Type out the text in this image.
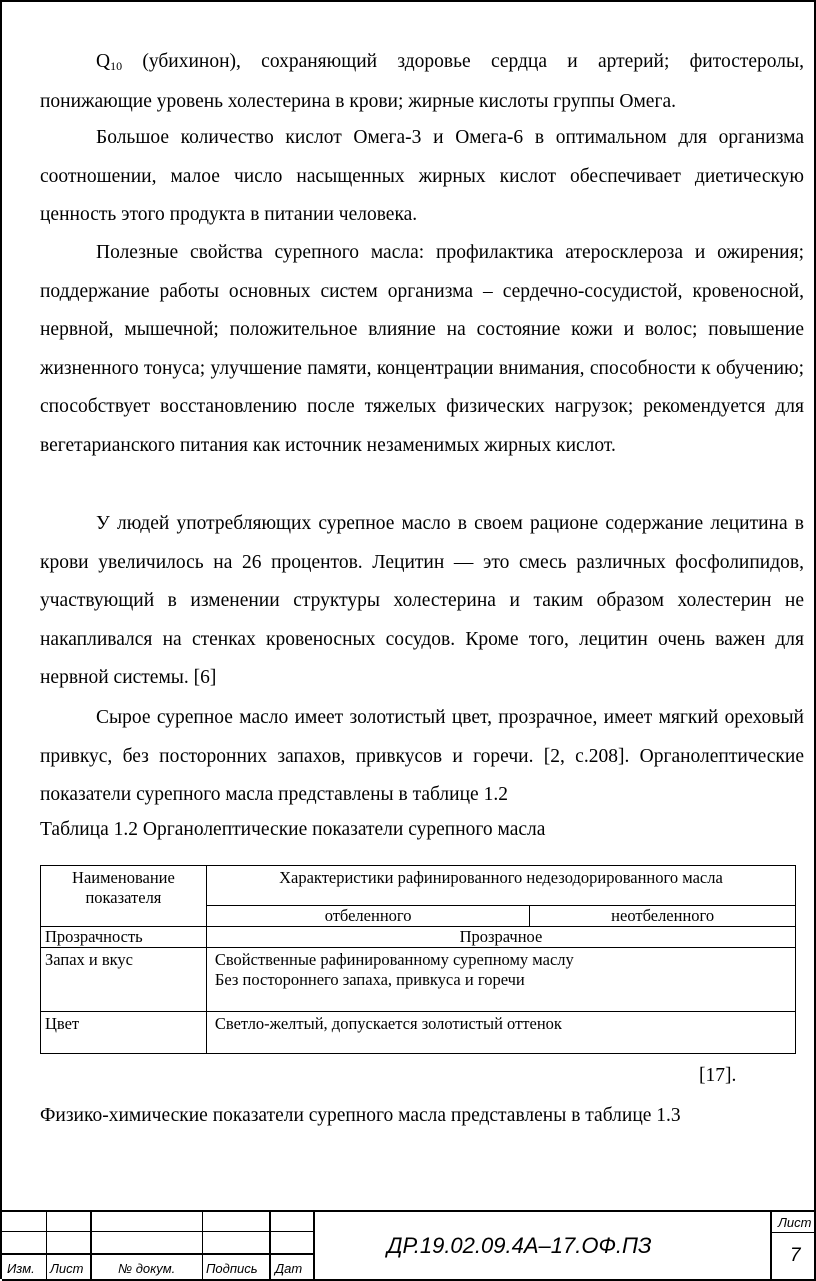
$Q_{10}$ (убихинон), сохраняющий здоровье сердца и артерий; фитостеролы, понижающие уровень холестерина в крови; жирные кислоты группы Омега.

Большое количество кислот Омега-3 и Омега-6 в оптимальном для организма соотношении, малое число насыщенных жирных кислот обеспечивает диетическую ценность этого продукта в питании человека.

Полезные свойства сурепного масла: профилактика атеросклероза и ожирения; поддержание работы основных систем организма – сердечно-сосудистой, кровеносной, нервной, мышечной; положительное влияние на состояние кожи и волос; повышение жизненного тонуса; улучшение памяти, концентрации внимания, способности к обучению; способствует восстановлению после тяжелых физических нагрузок; рекомендуется для вегетарианского питания как источник незаменимых жирных кислот.

У людей употребляющих сурепное масло в своем рационе содержание лецитина в крови увеличилось на 26 процентов. Лецитин — это смесь различных фосфолипидов, участвующий в изменении структуры холестерина и таким образом холестерин не накапливался на стенках кровеносных сосудов. Кроме того, лецитин очень важен для нервной системы. [6]

Сырое сурепное масло имеет золотистый цвет, прозрачное, имеет мягкий ореховый привкус, без посторонних запахов, привкусов и горечи. [2, с.208]. Органолептические показатели сурепного масла представлены в таблице 1.2

Таблица 1.2 Органолептические показатели сурепного масла

Наименование показателя	Характеристики рафинированного недезодорированного масла	
	отбеленного	неотбеленного
Прозрачность	Прозрачное	
Запах и вкус	Свойственные рафинированному сурепному маслу
Без постороннего запаха, привкуса и горечи	

Цвет	Светло-желтый, допускается золотистый оттенок	
[17].

Физико-химические показатели сурепного масла представлены в таблице 1.3

Изм. Лист	№ докум. Подпись Дат
ДР.19.02.09.4А–17.ОФ.ПЗ
Лист
7
